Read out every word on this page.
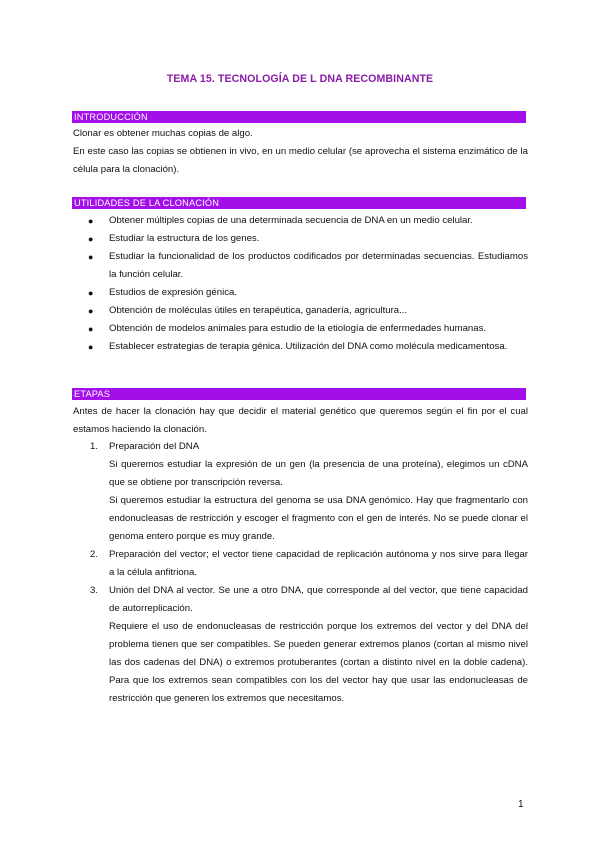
TEMA 15. TECNOLOGÍA DE L DNA RECOMBINANTE
INTRODUCCIÓN
Clonar es obtener muchas copias de algo.
En este caso las copias se obtienen in vivo, en un medio celular (se aprovecha el sistema enzimático de la célula para la clonación).
UTILIDADES DE LA CLONACIÓN
● Obtener múltiples copias de una determinada secuencia de DNA en un medio celular.
● Estudiar la estructura de los genes.
● Estudiar la funcionalidad de los productos codificados por determinadas secuencias. Estudiamos la función celular.
● Estudios de expresión génica.
● Obtención de moléculas útiles en terapéutica, ganadería, agricultura...
● Obtención de modelos animales para estudio de la etiología de enfermedades humanas.
● Establecer estrategias de terapia génica. Utilización del DNA como molécula medicamentosa.
ETAPAS
Antes de hacer la clonación hay que decidir el material genético que queremos según el fin por el cual estamos haciendo la clonación.
1. Preparación del DNA

Si queremos estudiar la expresión de un gen (la presencia de una proteína), elegimos un cDNA que se obtiene por transcripción reversa.

Si queremos estudiar la estructura del genoma se usa DNA genómico. Hay que fragmentarlo con endonucleasas de restricción y escoger el fragmento con el gen de interés. No se puede clonar el genoma entero porque es muy grande.

2. Preparación del vector; el vector tiene capacidad de replicación autónoma y nos sirve para llegar a la célula anfitriona.

3. Unión del DNA al vector. Se une a otro DNA, que corresponde al del vector, que tiene capacidad de autorreplicación.

Requiere el uso de endonucleasas de restricción porque los extremos del vector y del DNA del problema tienen que ser compatibles. Se pueden generar extremos planos (cortan al mismo nivel las dos cadenas del DNA) o extremos protuberantes (cortan a distinto nivel en la doble cadena). Para que los extremos sean compatibles con los del vector hay que usar las endonucleasas de restricción que generen los extremos que necesitamos.

1
